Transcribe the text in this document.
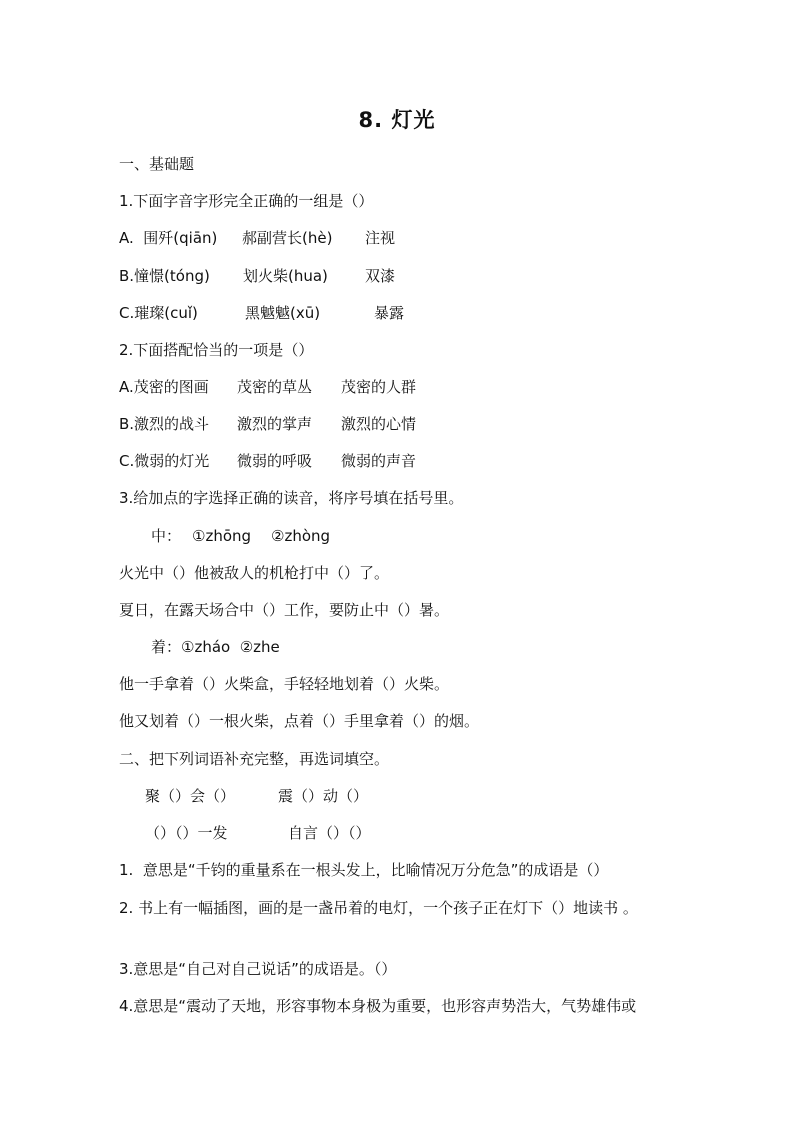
8. 灯光
一、基础题
1.下面字音字形完全正确的一组是（）
A.  围歼(qiān) 郝副营长(hè) 注视
B.憧憬(tóng) 划火柴(hua) 双漆
C.璀璨(cuǐ)	黑魆魆(xū)	暴露
2.下面搭配恰当的一项是（）
A.茂密的图画 茂密的草丛 茂密的人群
B.激烈的战斗 激烈的掌声 激烈的心情
C.微弱的灯光 微弱的呼吸 微弱的声音
3.给加点的字选择正确的读音，将序号填在括号里。
中： ①zhōng ②zhòng
火光中（）他被敌人的机枪打中（）了。
夏日，在露天场合中（）工作，要防止中（）暑。
着：①zháo  ②zhe
他一手拿着（）火柴盒，手轻轻地划着（）火柴。
他又划着（）一根火柴，点着（）手里拿着（）的烟。
二、把下列词语补充完整，再选词填空。
聚（）会（）	震（）动（）
（）（）一发	自言（）（）
1.  意思是“千钧的重量系在一根头发上，比喻情况万分危急”的成语是（）
2. 书上有一幅插图，画的是一盏吊着的电灯，一个孩子正在灯下（）地读书 。
3.意思是“自己对自己说话”的成语是。（）
4.意思是“震动了天地，形容事物本身极为重要，也形容声势浩大，气势雄伟或
